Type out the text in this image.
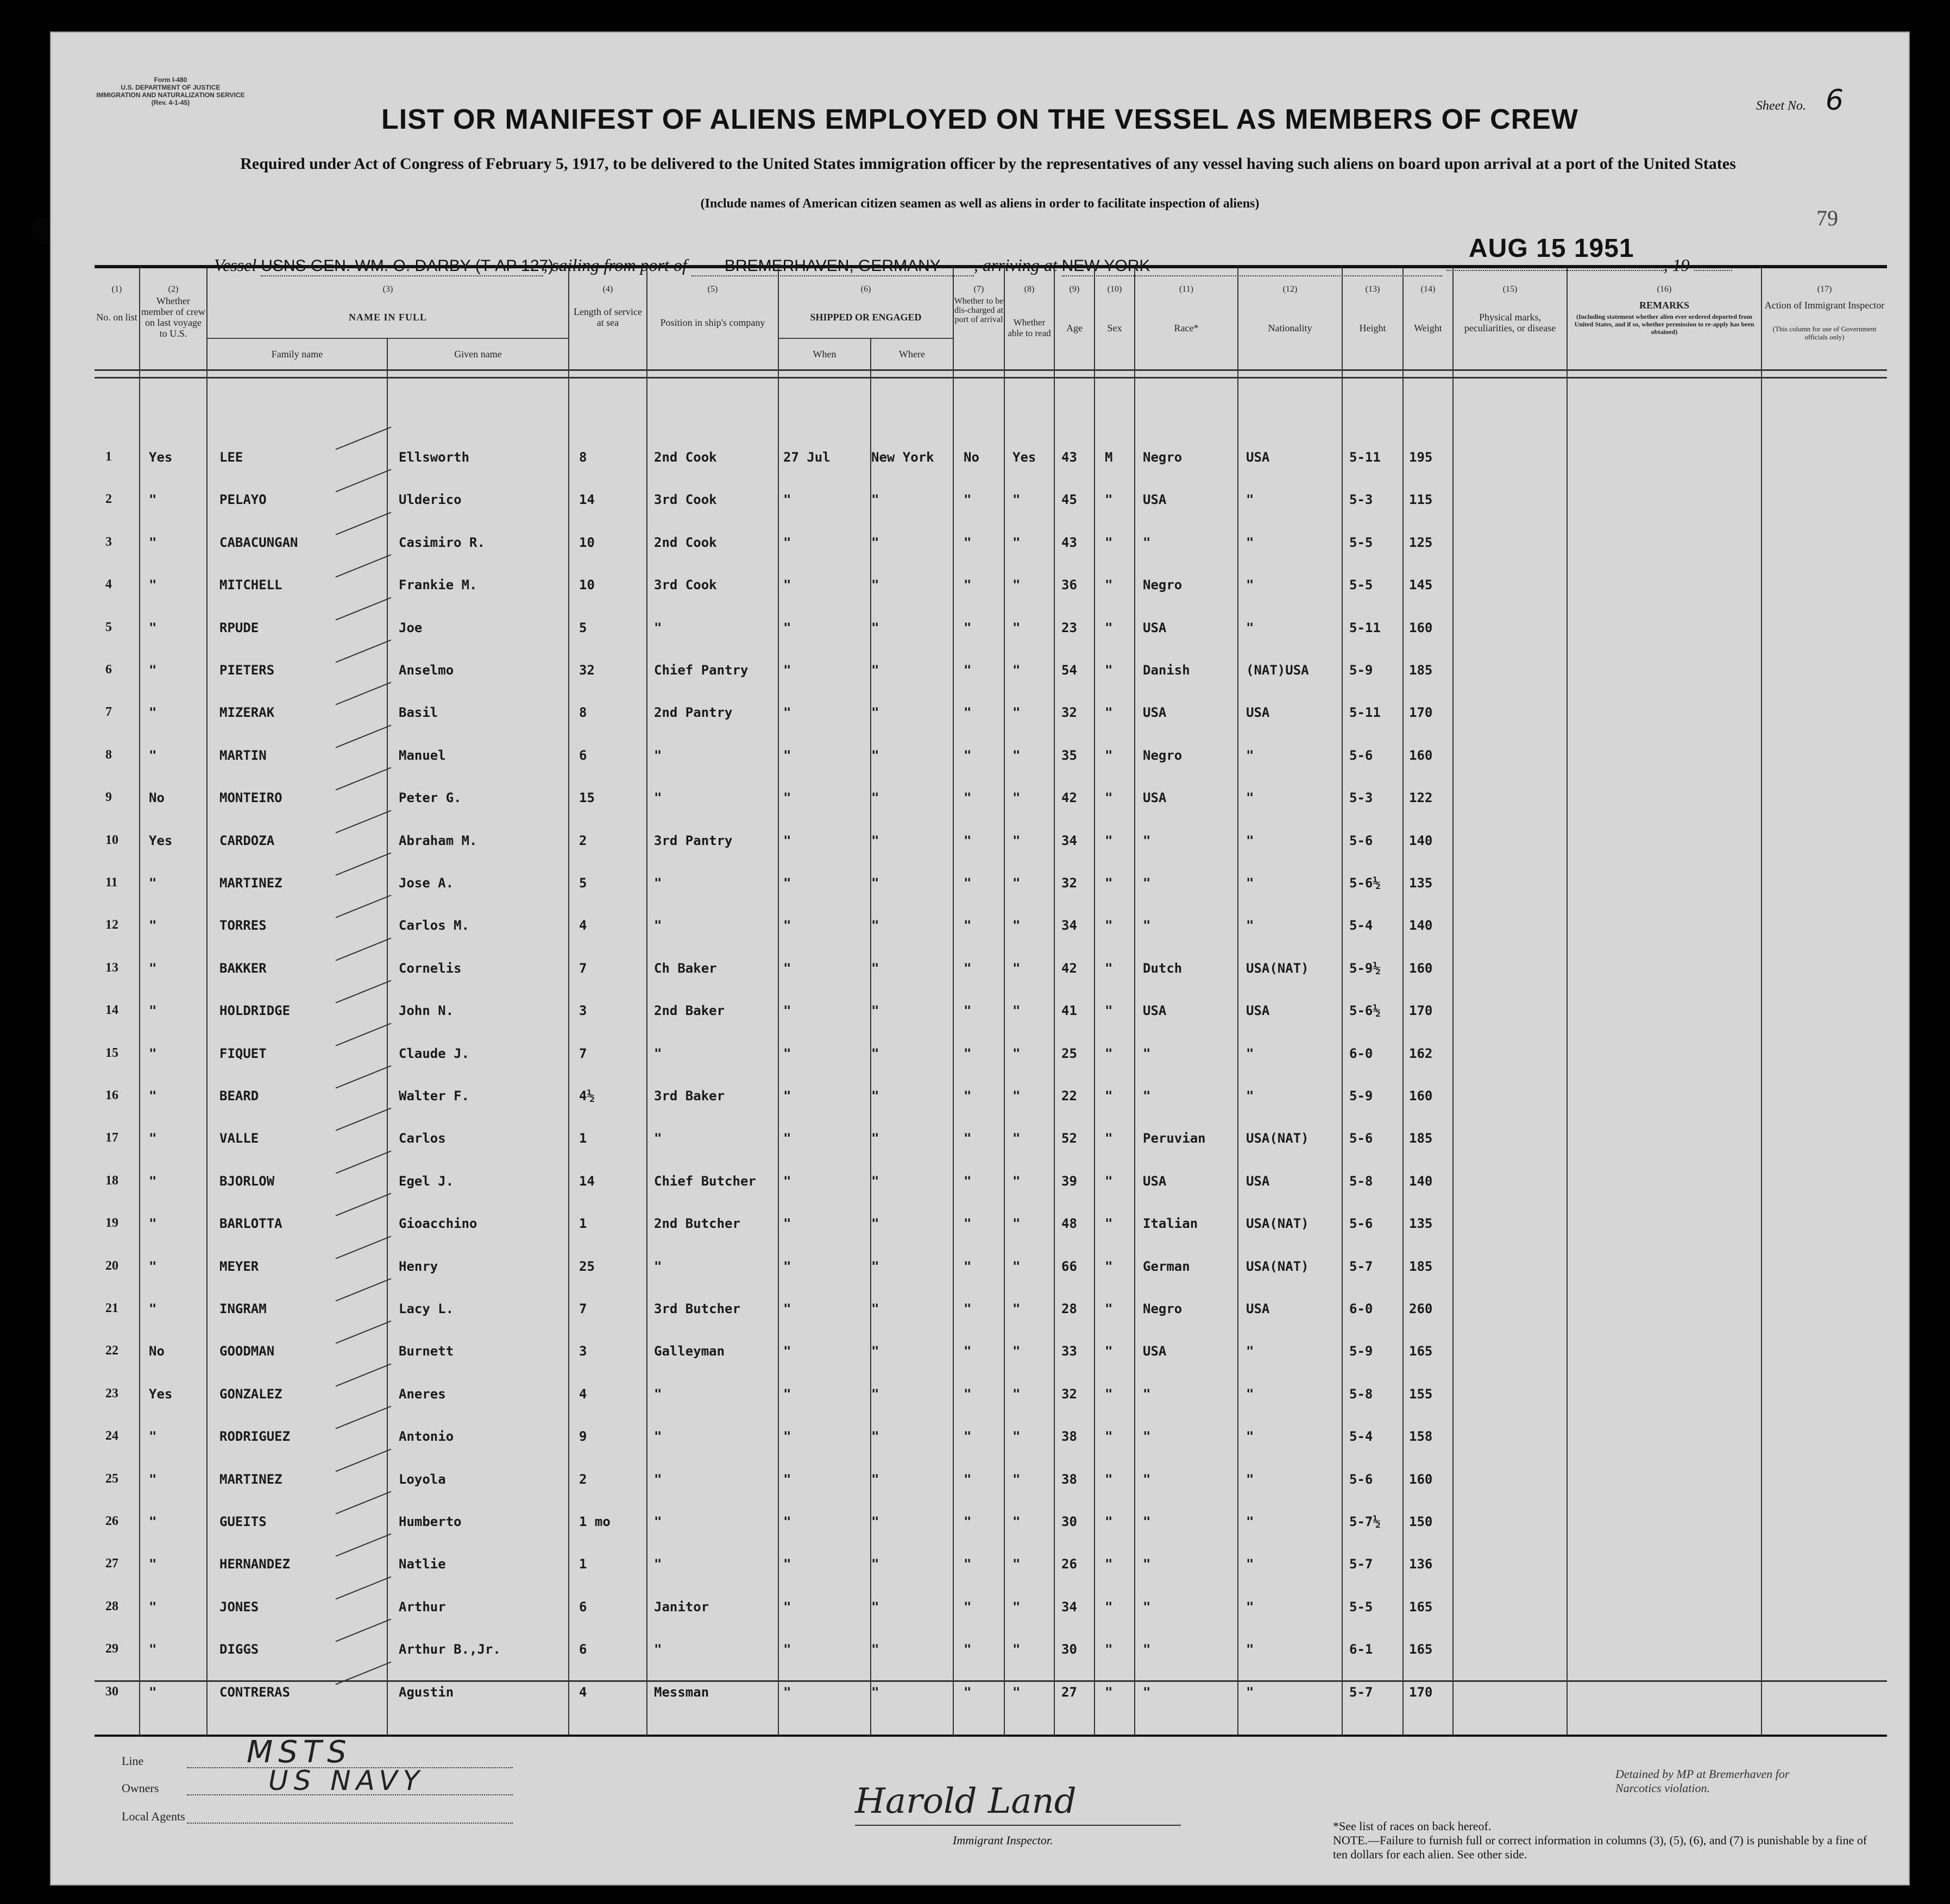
Form I-480
U.S. DEPARTMENT OF JUSTICE
IMMIGRATION AND NATURALIZATION SERVICE
(Rev. 4-1-45)	Sheet No. 6
LIST OR MANIFEST OF ALIENS EMPLOYED ON THE VESSEL AS MEMBERS OF CREW
Required under Act of Congress of February 5, 1917, to be delivered to the United States immigration officer by the representatives of any vessel having such aliens on board upon arrival at a port of the United States
(Include names of American citizen seamen as well as aliens in order to facilitate inspection of aliens)
79
AUG 15 1951
Vessel USNS GEN. WM. O. DARBY (T-AP 127), sailing from port of BREMERHAVEN, GERMANY , arriving at NEW YORK	, 19
(1)
No. on list
(2)
Whether member of crew on last voyage to U.S.
(3)
NAME IN FULL
Family name	Given name
(4)
Length of service at sea
(5)
Position in ship's company
(6)
SHIPPED OR ENGAGED
When	Where
(7)
Whether to be dis-charged at port of arrival
(8)
Whether able to read
(9)
Age
(10)
Sex
(11)
Race*
(12)
Nationality
(13)
Height
(14)
Weight
(15)
Physical marks, peculiarities, or disease
(16)
REMARKS
(Including statement whether alien ever ordered deported from United States, and if so, whether permission to re-apply has been obtained)
(17)
Action of Immigrant Inspector
(This column for use of Government officials only)
1	Yes	LEE	Ellsworth	8	2nd Cook	27 Jul	New York No	Yes 43 M Negro	USA	5-11 195
2	"	PELAYO	Ulderico	14	3rd Cook	"	"	"	"	45 " USA	"	5-3	115
3	"	CABACUNGAN	Casimiro R.	10	2nd Cook	"	"	"	"	43 " "	"	5-5	125
4	"	MITCHELL	Frankie M.	10	3rd Cook	"	"	"	"	36 " Negro	"	5-5	145
5	"	RPUDE	Joe	5	"	"	"	"	"	23 " USA	"	5-11 160
6	"	PIETERS	Anselmo	32	Chief Pantry	"	"	"	"	54 " Danish	(NAT)USA	5-9	185
7	"	MIZERAK	Basil	8	2nd Pantry	"	"	"	"	32 " USA	USA	5-11 170
8	"	MARTIN	Manuel	6	"	"	"	"	"	35 " Negro	"	5-6	160
9	No	MONTEIRO	Peter G.	15	"	"	"	"	"	42 " USA	"	5-3	122
10 Yes	CARDOZA	Abraham M.	2	3rd Pantry	"	"	"	"	34 " "	"	5-6	140
11 "	MARTINEZ	Jose A.	5	"	"	"	"	"	32 " "	"	5-6½ 135
12 "	TORRES	Carlos M.	4	"	"	"	"	"	34 " "	"	5-4	140
13 "	BAKKER	Cornelis	7	Ch Baker	"	"	"	"	42 " Dutch	USA(NAT)	5-9½ 160
14 "	HOLDRIDGE	John N.	3	2nd Baker	"	"	"	"	41 " USA	USA	5-6½ 170
15 "	FIQUET	Claude J.	7	"	"	"	"	"	25 " "	"	6-0	162
16 "	BEARD	Walter F.	4½	3rd Baker	"	"	"	"	22 " "	"	5-9	160
17 "	VALLE	Carlos	1	"	"	"	"	"	52 " Peruvian	USA(NAT)	5-6	185
18 "	BJORLOW	Egel J.	14	Chief Butcher "	"	"	"	39 " USA	USA	5-8	140
19 "	BARLOTTA	Gioacchino	1	2nd Butcher	"	"	"	"	48 " Italian	USA(NAT)	5-6	135
20 "	MEYER	Henry	25	"	"	"	"	"	66 " German	USA(NAT)	5-7	185
21 "	INGRAM	Lacy L.	7	3rd Butcher	"	"	"	"	28 " Negro	USA	6-0	260
22 No	GOODMAN	Burnett	3	Galleyman	"	"	"	"	33 " USA	"	5-9	165
23 Yes	GONZALEZ	Aneres	4	"	"	"	"	"	32 " "	"	5-8	155
24 "	RODRIGUEZ	Antonio	9	"	"	"	"	"	38 " "	"	5-4	158
25 "	MARTINEZ	Loyola	2	"	"	"	"	"	38 " "	"	5-6	160
26 "	GUEITS	Humberto	1 mo	"	"	"	"	"	30 " "	"	5-7½ 150
27 "	HERNANDEZ	Natlie	1	"	"	"	"	"	26 " "	"	5-7	136
28 "	JONES	Arthur	6	Janitor	"	"	"	"	34 " "	"	5-5	165
29 "	DIGGS	Arthur B.,Jr.	6	"	"	"	"	"	30 " "	"	6-1	165
30 "	CONTRERAS	Agustin	4	Messman	"	"	"	"	27 " "	"	5-7	170
Detained by MP at Bremerhaven for Narcotics violation.
Line	MSTS
Owners	US NAVY
Local Agents	Harold Land
Immigrant Inspector.
*See list of races on back hereof.
NOTE.—Failure to furnish full or correct information in columns (3), (5), (6), and (7) is punishable by a fine of ten dollars for each alien. See other side.
